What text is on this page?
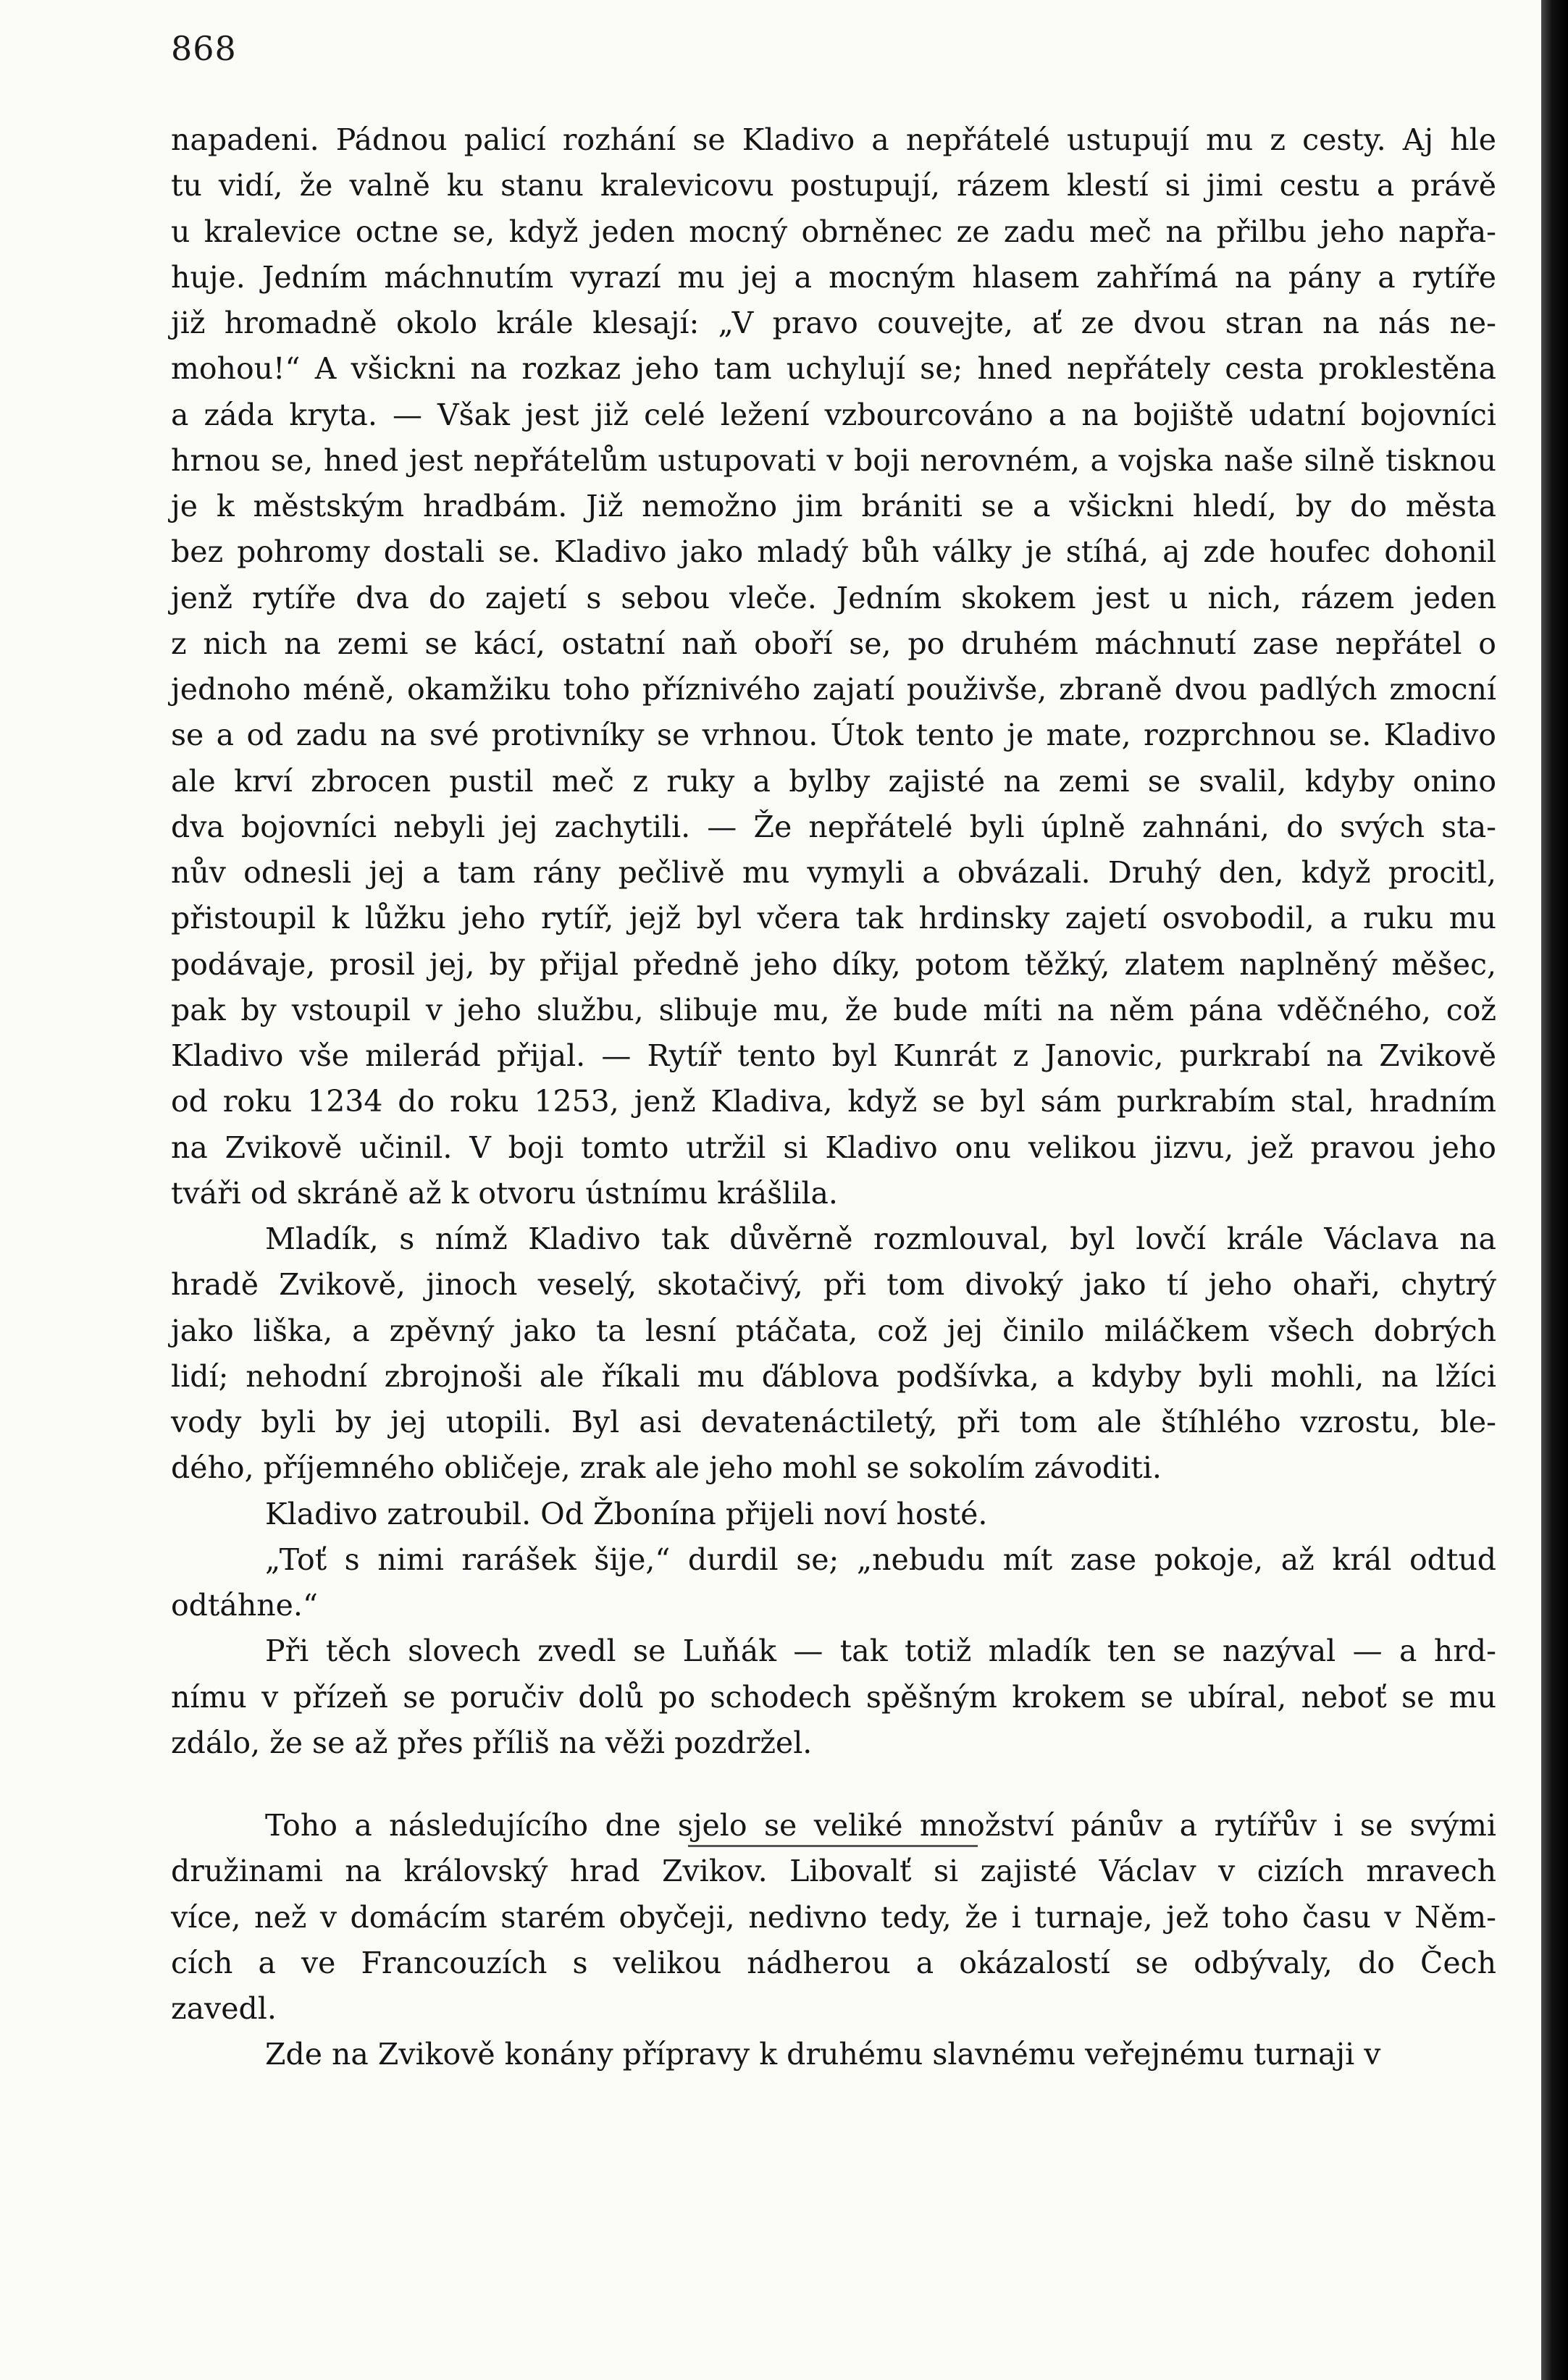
868
napadeni. Pádnou palicí rozhání se Kladivo a nepřátelé ustupují mu z cesty. Aj hle
tu vidí, že valně ku stanu kralevicovu postupují, rázem klestí si jimi cestu a právě
u kralevice octne se, když jeden mocný obrněnec ze zadu meč na přilbu jeho napřa-
huje. Jedním máchnutím vyrazí mu jej a mocným hlasem zahřímá na pány a rytíře
již hromadně okolo krále klesají: „V pravo couvejte, ať ze dvou stran na nás ne-
mohou!“ A všickni na rozkaz jeho tam uchylují se; hned nepřátely cesta proklestěna
a záda kryta. — Však jest již celé ležení vzbourcováno a na bojiště udatní bojovníci
hrnou se, hned jest nepřátelům ustupovati v boji nerovném, a vojska naše silně tisknou
je k městským hradbám. Již nemožno jim brániti se a všickni hledí, by do města
bez pohromy dostali se. Kladivo jako mladý bůh války je stíhá, aj zde houfec dohonil
jenž rytíře dva do zajetí s sebou vleče. Jedním skokem jest u nich, rázem jeden
z nich na zemi se kácí, ostatní naň oboří se, po druhém máchnutí zase nepřátel o
jednoho méně, okamžiku toho příznivého zajatí použivše, zbraně dvou padlých zmocní
se a od zadu na své protivníky se vrhnou. Útok tento je mate, rozprchnou se. Kladivo
ale krví zbrocen pustil meč z ruky a bylby zajisté na zemi se svalil, kdyby onino
dva bojovníci nebyli jej zachytili. — Že nepřátelé byli úplně zahnáni, do svých sta-
nův odnesli jej a tam rány pečlivě mu vymyli a obvázali. Druhý den, když procitl,
přistoupil k lůžku jeho rytíř, jejž byl včera tak hrdinsky zajetí osvobodil, a ruku mu
podávaje, prosil jej, by přijal předně jeho díky, potom těžký, zlatem naplněný měšec,
pak by vstoupil v jeho službu, slibuje mu, že bude míti na něm pána vděčného, což
Kladivo vše milerád přijal. — Rytíř tento byl Kunrát z Janovic, purkrabí na Zvikově
od roku 1234 do roku 1253, jenž Kladiva, když se byl sám purkrabím stal, hradním
na Zvikově učinil. V boji tomto utržil si Kladivo onu velikou jizvu, jež pravou jeho
tváři od skráně až k otvoru ústnímu krášlila.
Mladík, s nímž Kladivo tak důvěrně rozmlouval, byl lovčí krále Václava na
hradě Zvikově, jinoch veselý, skotačivý, při tom divoký jako tí jeho ohaři, chytrý
jako liška, a zpěvný jako ta lesní ptáčata, což jej činilo miláčkem všech dobrých
lidí; nehodní zbrojnoši ale říkali mu ďáblova podšívka, a kdyby byli mohli, na lžíci
vody byli by jej utopili. Byl asi devatenáctiletý, při tom ale štíhlého vzrostu, ble-
dého, příjemného obličeje, zrak ale jeho mohl se sokolím závoditi.
Kladivo zatroubil. Od Žbonína přijeli noví hosté.
„Toť s nimi rarášek šije,“ durdil se; „nebudu mít zase pokoje, až král odtud
odtáhne.“
Při těch slovech zvedl se Luňák — tak totiž mladík ten se nazýval — a hrd-
nímu v přízeň se poručiv dolů po schodech spěšným krokem se ubíral, neboť se mu
zdálo, že se až přes příliš na věži pozdržel.
Toho a následujícího dne sjelo se veliké množství pánův a rytířův i se svými
družinami na královský hrad Zvikov. Libovalť si zajisté Václav v cizích mravech
více, než v domácím starém obyčeji, nedivno tedy, že i turnaje, jež toho času v Něm-
cích a ve Francouzích s velikou nádherou a okázalostí se odbývaly, do Čech
zavedl.
Zde na Zvikově konány přípravy k druhému slavnému veřejnému turnaji v
